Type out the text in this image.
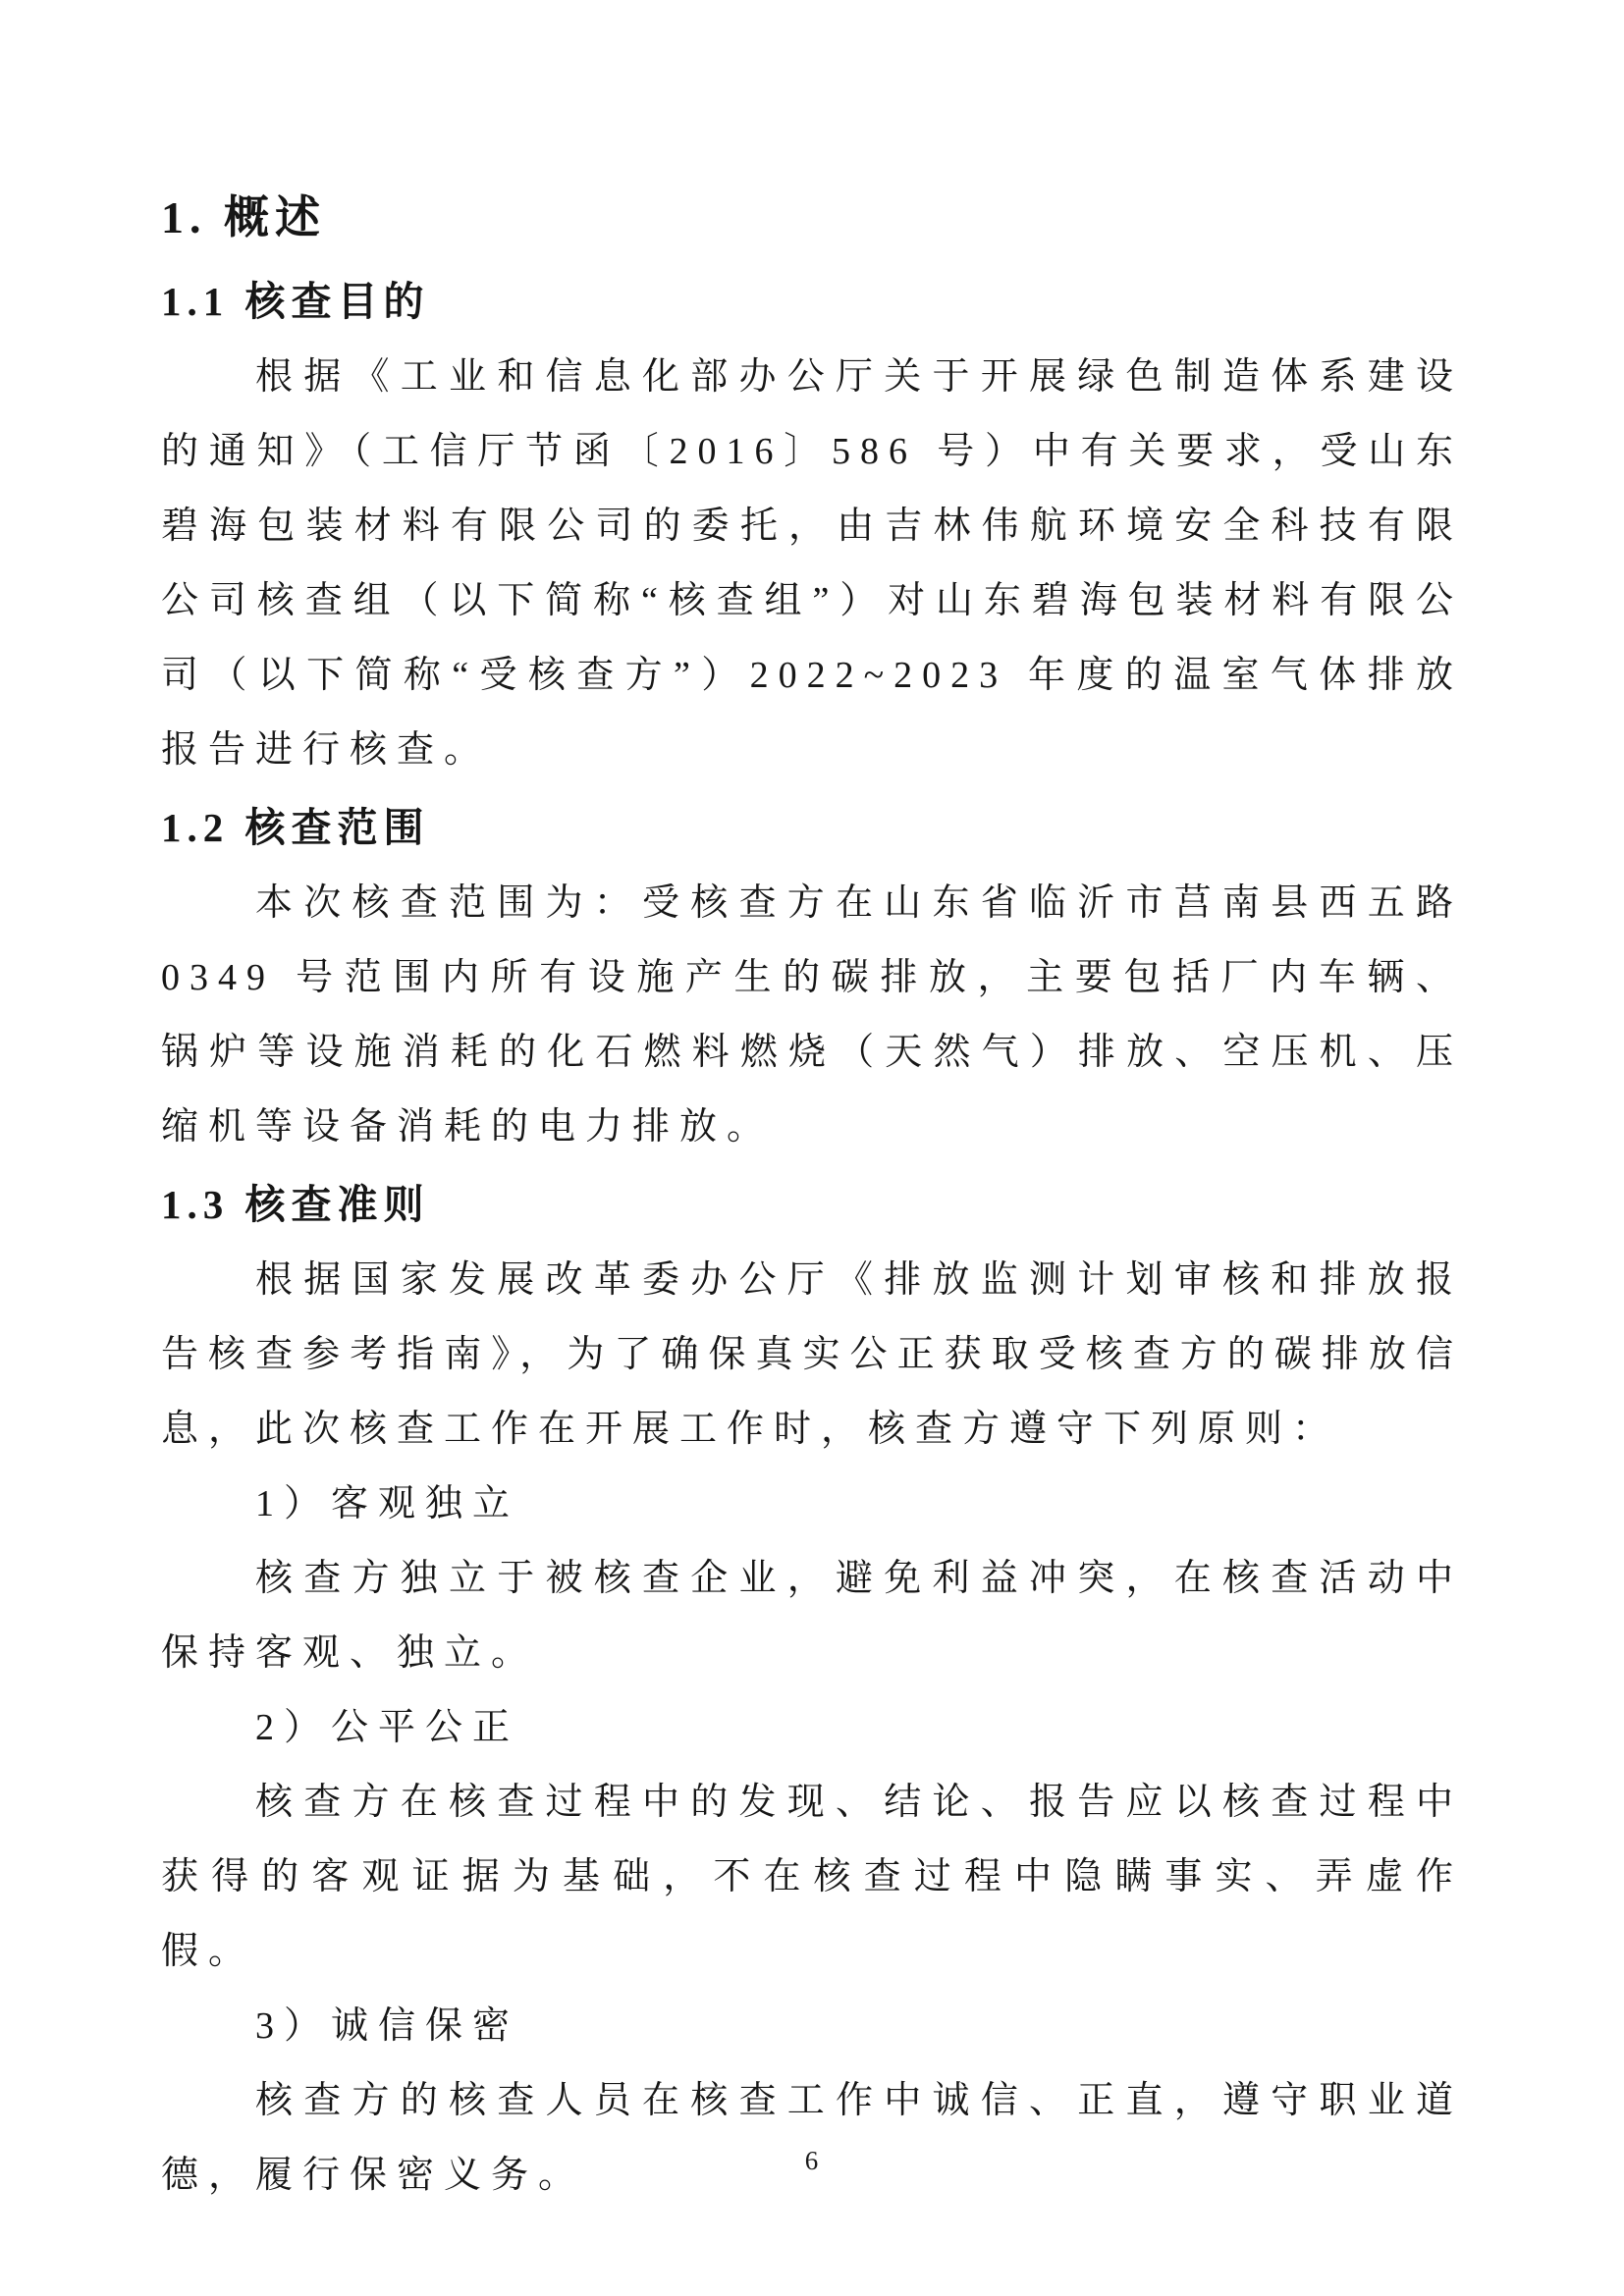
1. 概述
1.1 核查目的

根据《工业和信息化部办公厅关于开展绿色制造体系建设的通知》（工信厅节函〔2016〕586 号）中有关要求，受山东碧海包装材料有限公司的委托，由吉林伟航环境安全科技有限公司核查组（以下简称“核查组”）对山东碧海包装材料有限公司（以下简称“受核查方”）2022~2023 年度的温室气体排放报告进行核查。

1.2 核查范围

本次核查范围为：受核查方在山东省临沂市莒南县西五路 0349 号范围内所有设施产生的碳排放，主要包括厂内车辆、锅炉等设施消耗的化石燃料燃烧（天然气）排放、空压机、压缩机等设备消耗的电力排放。

1.3 核查准则

根据国家发展改革委办公厅《排放监测计划审核和排放报告核查参考指南》，为了确保真实公正获取受核查方的碳排放信息，此次核查工作在开展工作时，核查方遵守下列原则：

1）客观独立

核查方独立于被核查企业，避免利益冲突，在核查活动中保持客观、独立。

2）公平公正

核查方在核查过程中的发现、结论、报告应以核查过程中获得的客观证据为基础，不在核查过程中隐瞒事实、弄虚作假。

3）诚信保密

核查方的核查人员在核查工作中诚信、正直，遵守职业道德，履行保密义务。	6
